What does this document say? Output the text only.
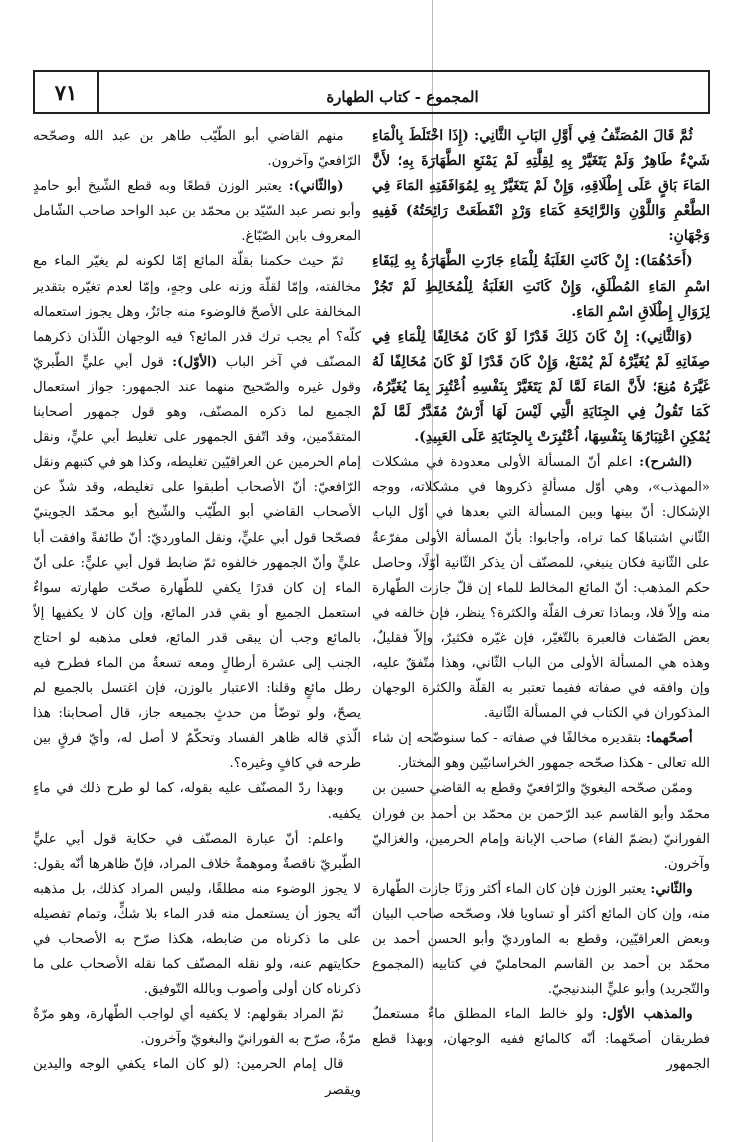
٧١	المجموع - كتاب الطهارة

ثُمَّ قَالَ المُصَنِّفُ فِي أَوَّلِ البَابِ الثَّانِي: (إِذَا اخْتَلَطَ بِالْمَاءِ شَيْءٌ طَاهِرٌ وَلَمْ يَتَغَيَّرْ بِهِ لِقِلَّتِهِ لَمْ يَمْنَعِ الطَّهَارَةَ بِهِ؛ لأَنَّ المَاءَ بَاقٍ عَلَى إِطْلَاقِهِ، وَإِنْ لَمْ يَتَغَيَّرْ بِهِ لِمُوَافَقَتِهِ المَاءَ فِي الطَّعْمِ وَاللَّوْنِ وَالرَّائِحَةِ كَمَاءِ وَرْدٍ انْقَطَعَتْ رَائِحَتُهُ) فَفِيهِ وَجْهَانِ:

(أَحَدُهُمَا): إِنْ كَانَتِ الغَلَبَةُ لِلْمَاءِ جَازَتِ الطَّهَارَةُ بِهِ لِبَقَاءِ اسْمِ المَاءِ المُطْلَقِ، وَإِنْ كَانَتِ الغَلَبَةُ لِلْمُخَالِطِ لَمْ تَجُزْ لِزَوَالِ إِطْلَاقِ اسْمِ المَاءِ.

(وَالثَّانِي): إِنْ كَانَ ذَلِكَ قَدْرًا لَوْ كَانَ مُخَالِفًا لِلْمَاءِ فِي صِفَاتِهِ لَمْ يُغَيِّرْهُ لَمْ يُمْنَعْ، وَإِنْ كَانَ قَدْرًا لَوْ كَانَ مُخَالِفًا لَهُ غَيَّرَهُ مُنِعَ؛ لأَنَّ المَاءَ لَمَّا لَمْ يَتَغَيَّرْ بِنَفْسِهِ اُعْتُبِرَ بِمَا يُغَيِّرُهُ، كَمَا تَقُولُ فِي الجِنَايَةِ الَّتِي لَيْسَ لَهَا أَرْشٌ مُقَدَّرٌ لَمَّا لَمْ يُمْكِنِ اعْتِبَارُهَا بِنَفْسِهَا، اُعْتُبِرَتْ بِالجِنَايَةِ عَلَى العَبِيدِ).

(الشرح): اعلم أنّ المسألة الأولى معدودة في مشكلات «المهذب»، وهي أوّل مسألةٍ ذكروها في مشكلاته، ووجه الإشكال: أنّ بينها وبين المسألة التي بعدها في أوّل الباب الثّاني اشتباهًا كما تراه، وأجابوا: بأنّ المسألة الأولى مفرّعةٌ على الثّانية فكان ينبغي، للمصنّف أن يذكر الثّانية أوّلًا، وحاصل حكم المذهب: أنّ المائع المخالط للماء إن قلّ جازت الطّهارة منه وإلاّ فلا، وبماذا تعرف القلّة والكثرة؟ ينظر، فإن خالفه في بعض الصّفات فالعبرة بالتّغيّر، فإن غيّره فكثيرٌ، وإلاّ فقليلٌ، وهذه هي المسألة الأولى من الباب الثّاني، وهذا متّفقٌ عليه، وإن وافقه في صفاته ففيما تعتبر به القلّة والكثرة الوجهان المذكوران في الكتاب في المسألة الثّانية.

أصحّهما: بتقديره مخالفًا في صفاته - كما سنوضّحه إن شاء الله تعالى - هكذا صحّحه جمهور الخراسانيّين وهو المختار.

وممّن صحّحه البغويّ والرّافعيّ وقطع به القاضي حسين بن محمّد وأبو القاسم عبد الرّحمن بن محمّد بن أحمد بن فوران الفورانيّ (بضمّ الفاء) صاحب الإبانة وإمام الحرمين، والغزاليّ وآخرون.

والثّاني: يعتبر الوزن فإن كان الماء أكثر وزنًا جازت الطّهارة منه، وإن كان المائع أكثر أو تساويا فلا، وصحّحه صاحب البيان وبعض العراقيّين، وقطع به الماورديّ وأبو الحسن أحمد بن محمّد بن أحمد بن القاسم المحامليّ في كتابيه (المجموع والتّجريد) وأبو عليٍّ البندنيجيّ.

والمذهب الأوّل: ولو خالط الماء المطلق ماءٌ مستعملٌ فطريقان أصحّهما: أنّه كالمائع ففيه الوجهان، وبهذا قطع الجمهور

منهم القاضي أبو الطّيّب طاهر بن عبد الله وصحّحه الرّافعيّ وآخرون.

(والثّاني): يعتبر الوزن قطعًا وبه قطع الشّيخ أبو حامدٍ وأبو نصر عبد السّيّد بن محمّد بن عبد الواحد صاحب الشّامل المعروف بابن الصّبّاغ.

ثمّ حيث حكمنا بقلّة المائع إمّا لكونه لم يغيّر الماء مع مخالفته، وإمّا لقلّة وزنه على وجهٍ، وإمّا لعدم تغيّره بتقدير المخالفة على الأصحّ فالوضوء منه جائزٌ، وهل يجوز استعماله كلّه؟ أم يجب ترك قدر المائع؟ فيه الوجهان اللّذان ذكرهما المصنّف في آخر الباب (الأوّل): قول أبي عليٍّ الطّبريّ وقول غيره والصّحيح منهما عند الجمهور: جواز استعمال الجميع لما ذكره المصنّف، وهو قول جمهور أصحابنا المتقدّمين، وقد اتّفق الجمهور على تغليط أبي عليٍّ، ونقل إمام الحرمين عن العراقيّين تغليطه، وكذا هو في كتبهم ونقل الرّافعيّ: أنّ الأصحاب أطبقوا على تغليطه، وقد شذّ عن الأصحاب القاضي أبو الطّيّب والشّيخ أبو محمّد الجوينيّ فصحّحا قول أبي عليٍّ، ونقل الماورديّ: أنّ طائفةً وافقت أبا عليٍّ وأنّ الجمهور خالفوه ثمّ ضابط قول أبي عليٍّ: على أنّ الماء إن كان قدرًا يكفي للطّهارة صحّت طهارته سواءٌ استعمل الجميع أو بقي قدر المائع، وإن كان لا يكفيها إلاّ بالمائع وجب أن يبقى قدر المائع، فعلى مذهبه لو احتاج الجنب إلى عشرة أرطالٍ ومعه تسعةٌ من الماء فطرح فيه رطل مائعٍ وقلنا: الاعتبار بالوزن، فإن اغتسل بالجميع لم يصحّ، ولو توضّأ من حدثٍ بجميعه جاز، قال أصحابنا: هذا الّذي قاله ظاهر الفساد وتحكّمٌ لا أصل له، وأيّ فرقٍ بين طرحه في كافٍ وغيره؟.

وبهذا ردّ المصنّف عليه بقوله، كما لو طرح ذلك في ماءٍ يكفيه.

واعلم: أنّ عبارة المصنّف في حكاية قول أبي عليٍّ الطّبريّ ناقصةٌ وموهمةٌ خلاف المراد، فإنّ ظاهرها أنّه يقول: لا يجوز الوضوء منه مطلقًا، وليس المراد كذلك، بل مذهبه أنّه يجوز أن يستعمل منه قدر الماء بلا شكٍّ، وتمام تفصيله على ما ذكرناه من ضابطه، هكذا صرّح به الأصحاب في حكايتهم عنه، ولو نقله المصنّف كما نقله الأصحاب على ما ذكرناه كان أولى وأصوب وبالله التّوفيق.

ثمّ المراد بقولهم: لا يكفيه أي لواجب الطّهارة، وهو مرّةٌ مرّةٌ، صرّح به الفورانيّ والبغويّ وآخرون.

قال إمام الحرمين: (لو كان الماء يكفي الوجه واليدين ويقصر
